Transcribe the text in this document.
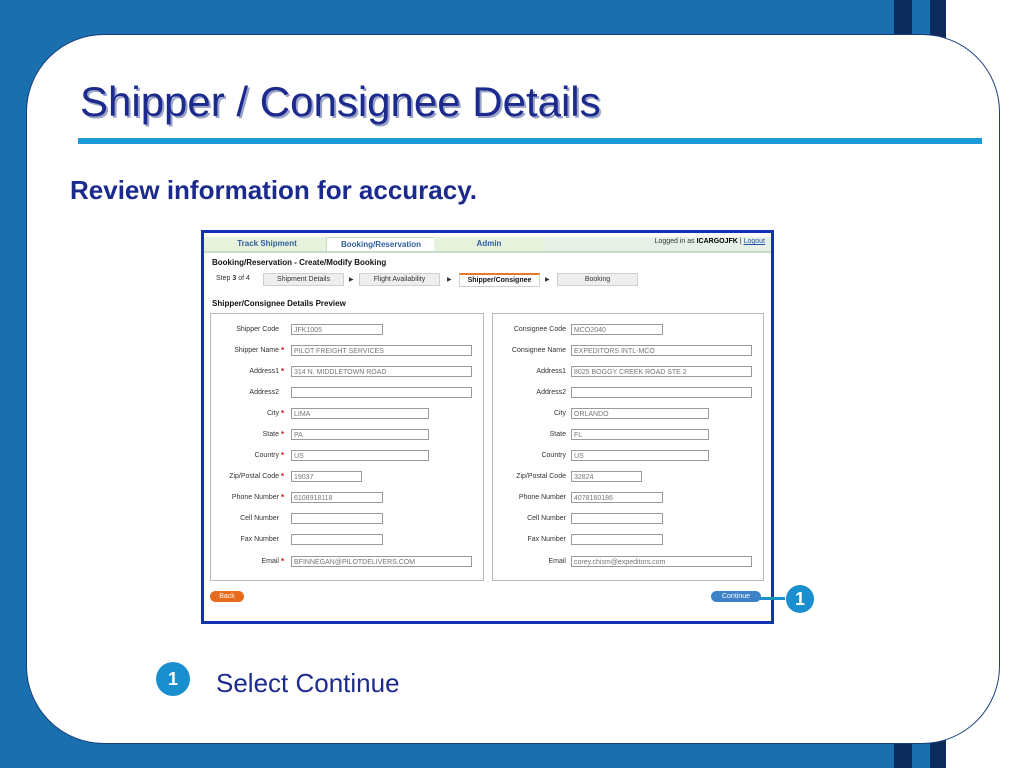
Shipper / Consignee Details
Review information for accuracy.
Track Shipment	Booking/Reservation	Admin	Logged in as ICARGOJFK | Logout
Booking/Reservation - Create/Modify Booking
Step 3 of 4	Shipment Details	▶	Flight Availability	▶	Shipper/Consignee	▶	Booking
Shipper/Consignee Details Preview
Shipper Code	JFK1005
Shipper Name *	PILOT FREIGHT SERVICES
Address1 *	314 N. MIDDLETOWN ROAD
Address2
City *	LIMA
State *	PA
Country *	US
Zip/Postal Code *	19037
Phone Number *	6108918118
Cell Number
Fax Number
Email *	BFINNEGAN@PILOTDELIVERS.COM
Consignee Code	MCO2040
Consignee Name	EXPEDITORS INTL-MCO
Address1	8025 BOGGY CREEK ROAD STE 2
Address2
City	ORLANDO
State	FL
Country	US
Zip/Postal Code	32824
Phone Number	4078160186
Cell Number
Fax Number
Email	corey.chism@expeditors.com
Back	Continue	1
1	Select Continue
